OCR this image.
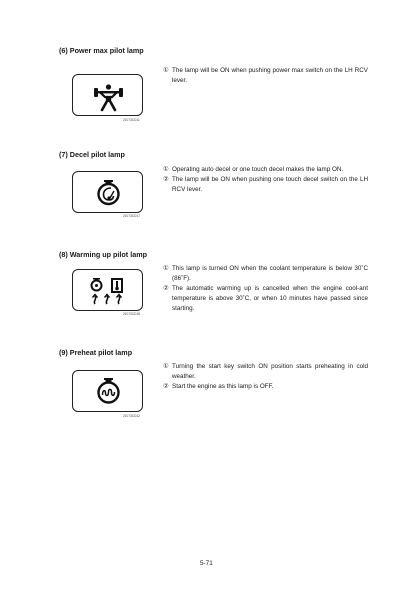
(6) Power max pilot lamp
21073CD11
① The lamp will be ON when pushing power max switch on the LH RCV lever.
(7) Decel pilot lamp
21073CD17
① Operating auto decel or one touch decel makes the lamp ON.
② The lamp will be ON when pushing one touch decel switch on the LH RCV lever.
(8) Warming up pilot lamp
21073CD18
① This lamp is turned ON when the coolant temperature is below 30˚C (86˚F).
② The automatic warming up is cancelled when the engine cool-ant temperature is above 30˚C, or when 10 minutes have passed since starting.
(9) Preheat pilot lamp
21073CD12
① Turning the start key switch ON position starts preheating in cold weather.
② Start the engine as this lamp is OFF.
5-71
